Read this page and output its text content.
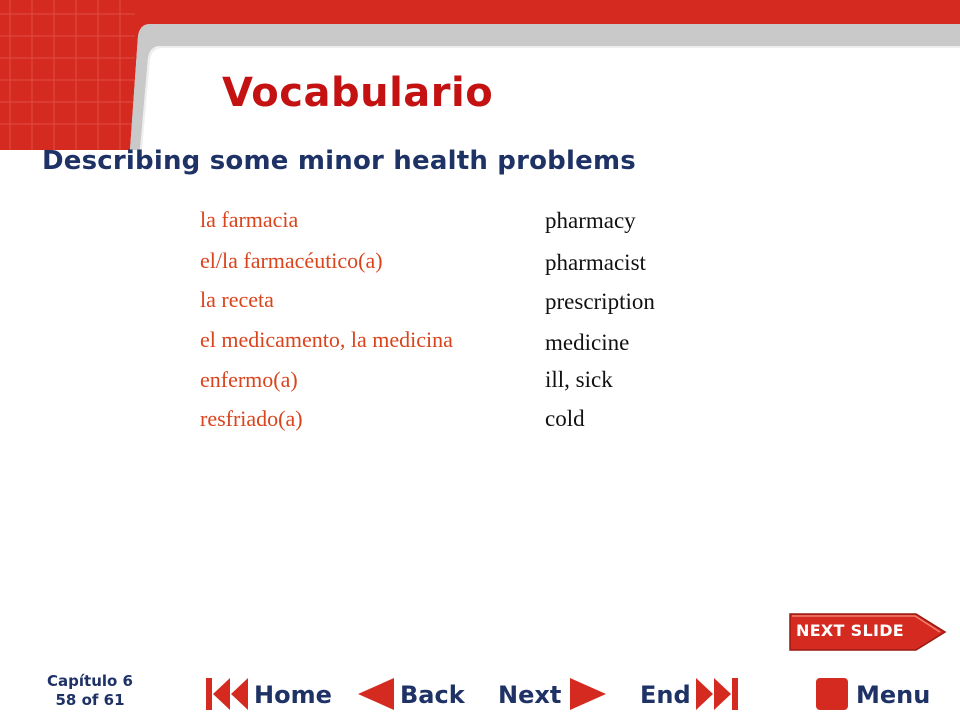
Vocabulario
Describing some minor health problems
la farmacia	pharmacy
el/la farmacéutico(a)	pharmacist
la receta	prescription
el medicamento, la medicina	medicine
enfermo(a)	ill, sick
resfriado(a)	cold
NEXT SLIDE
Capítulo 6
58 of 61	Home	Back Next	End	Menu
